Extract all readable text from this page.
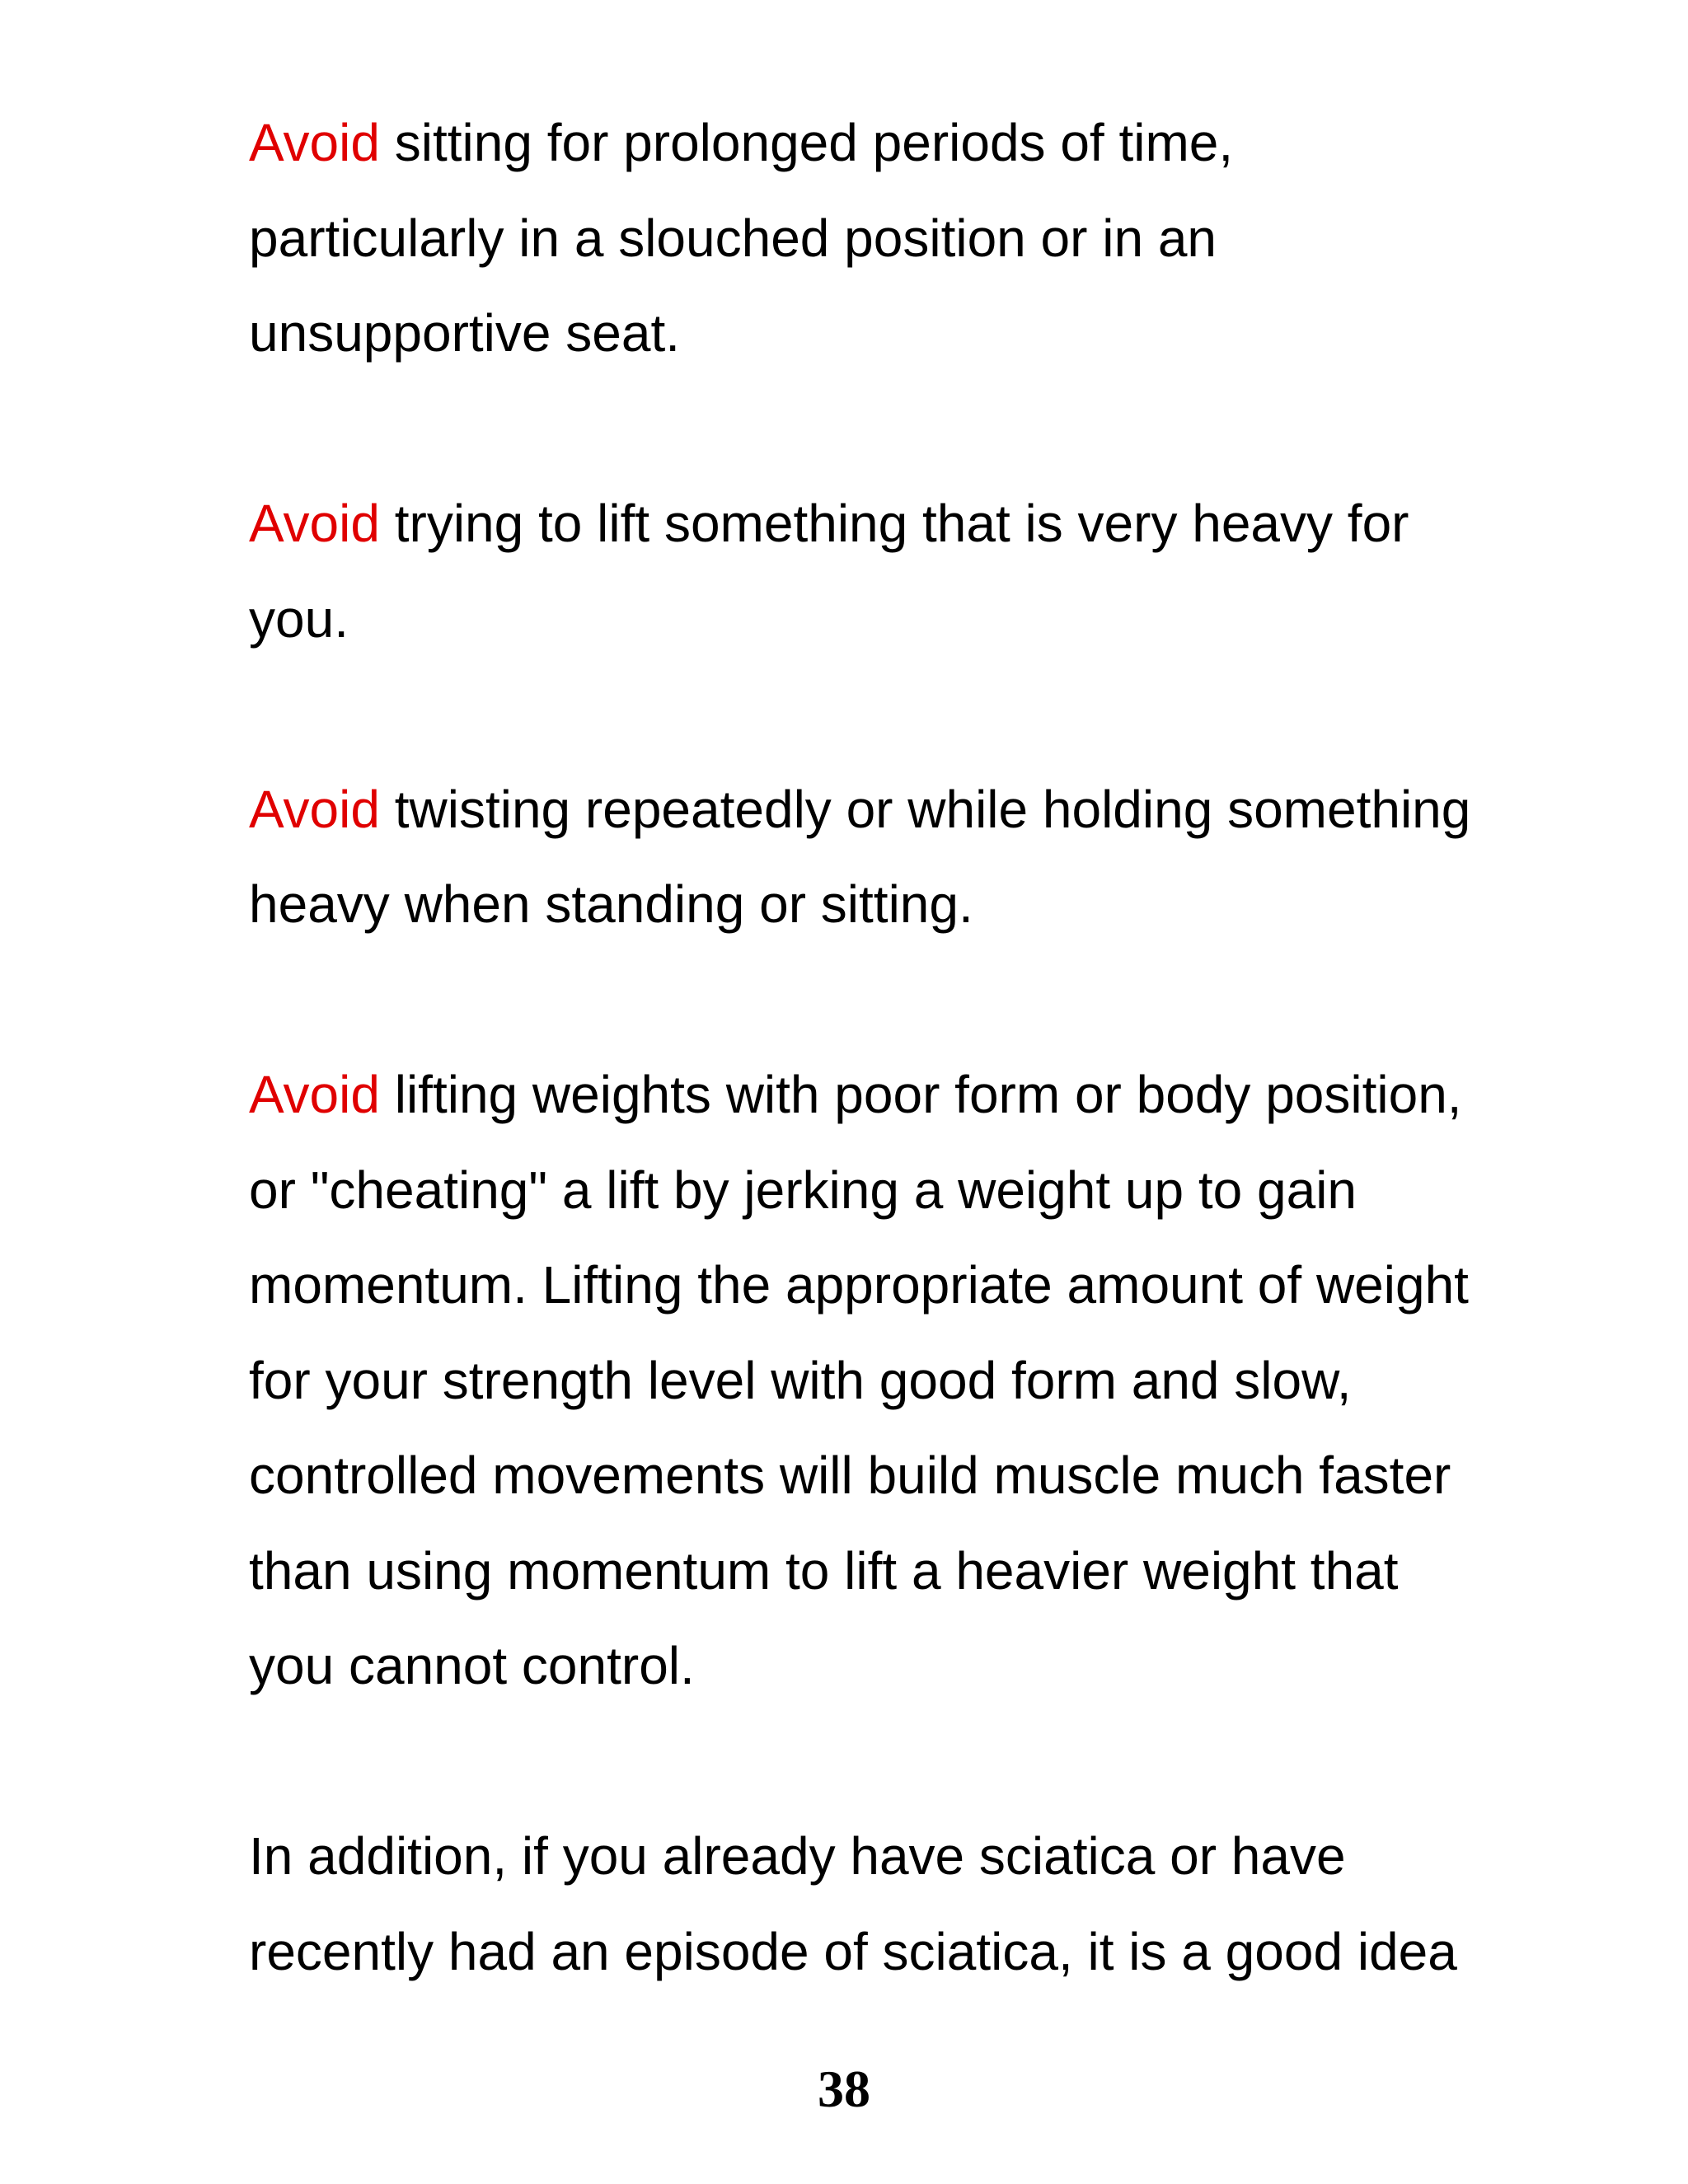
Avoid sitting for prolonged periods of time,
particularly in a slouched position or in an
unsupportive seat.

Avoid trying to lift something that is very heavy for
you.

Avoid twisting repeatedly or while holding something
heavy when standing or sitting.

Avoid lifting weights with poor form or body position,
or "cheating" a lift by jerking a weight up to gain
momentum. Lifting the appropriate amount of weight
for your strength level with good form and slow,
controlled movements will build muscle much faster
than using momentum to lift a heavier weight that
you cannot control.

In addition, if you already have sciatica or have
recently had an episode of sciatica, it is a good idea

38
